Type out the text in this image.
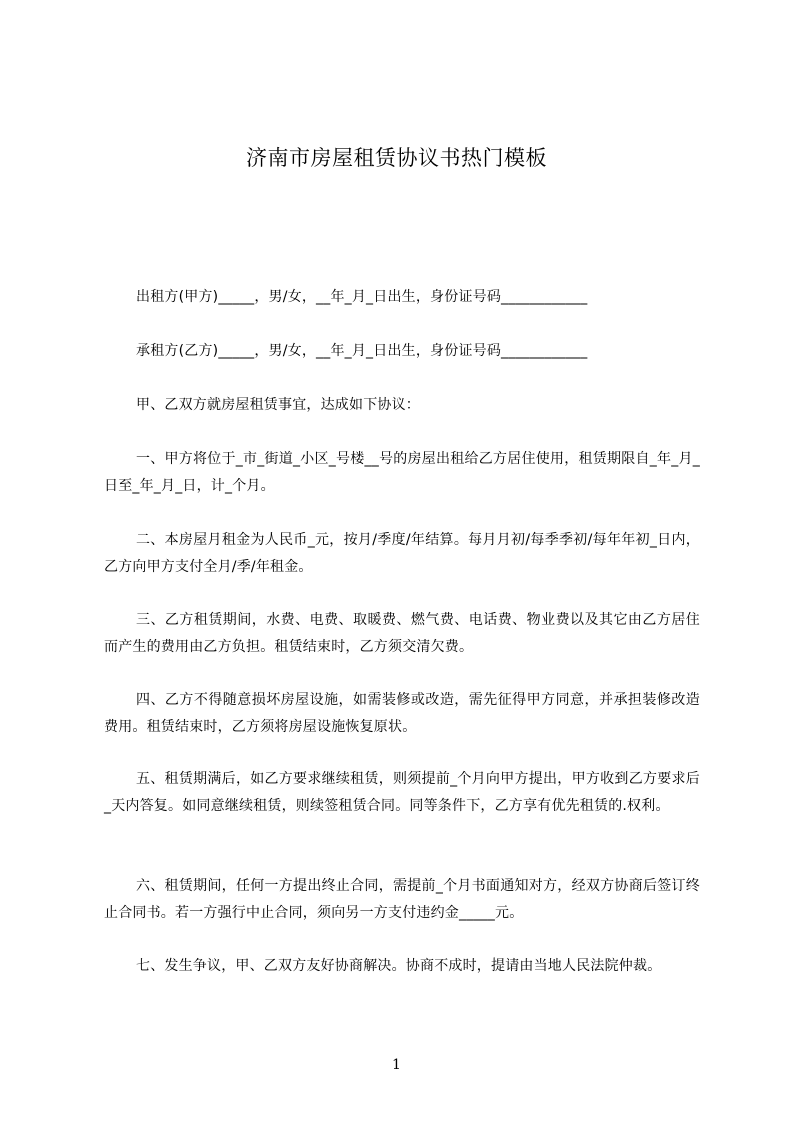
济南市房屋租赁协议书热门模板

出租方(甲方)_____，男/女，__年_月_日出生，身份证号码____________

承租方(乙方)_____，男/女，__年_月_日出生，身份证号码____________

甲、乙双方就房屋租赁事宜，达成如下协议：

一、甲方将位于_市_街道_小区_号楼__号的房屋出租给乙方居住使用，租赁期限自_年_月_日至_年_月_日，计_个月。

二、本房屋月租金为人民币_元，按月/季度/年结算。每月月初/每季季初/每年年初_日内，乙方向甲方支付全月/季/年租金。

三、乙方租赁期间，水费、电费、取暖费、燃气费、电话费、物业费以及其它由乙方居住而产生的费用由乙方负担。租赁结束时，乙方须交清欠费。

四、乙方不得随意损坏房屋设施，如需装修或改造，需先征得甲方同意，并承担装修改造费用。租赁结束时，乙方须将房屋设施恢复原状。

五、租赁期满后，如乙方要求继续租赁，则须提前_个月向甲方提出，甲方收到乙方要求后_天内答复。如同意继续租赁，则续签租赁合同。同等条件下，乙方享有优先租赁的.权利。

六、租赁期间，任何一方提出终止合同，需提前_个月书面通知对方，经双方协商后签订终止合同书。若一方强行中止合同，须向另一方支付违约金_____元。

七、发生争议，甲、乙双方友好协商解决。协商不成时，提请由当地人民法院仲裁。

1
